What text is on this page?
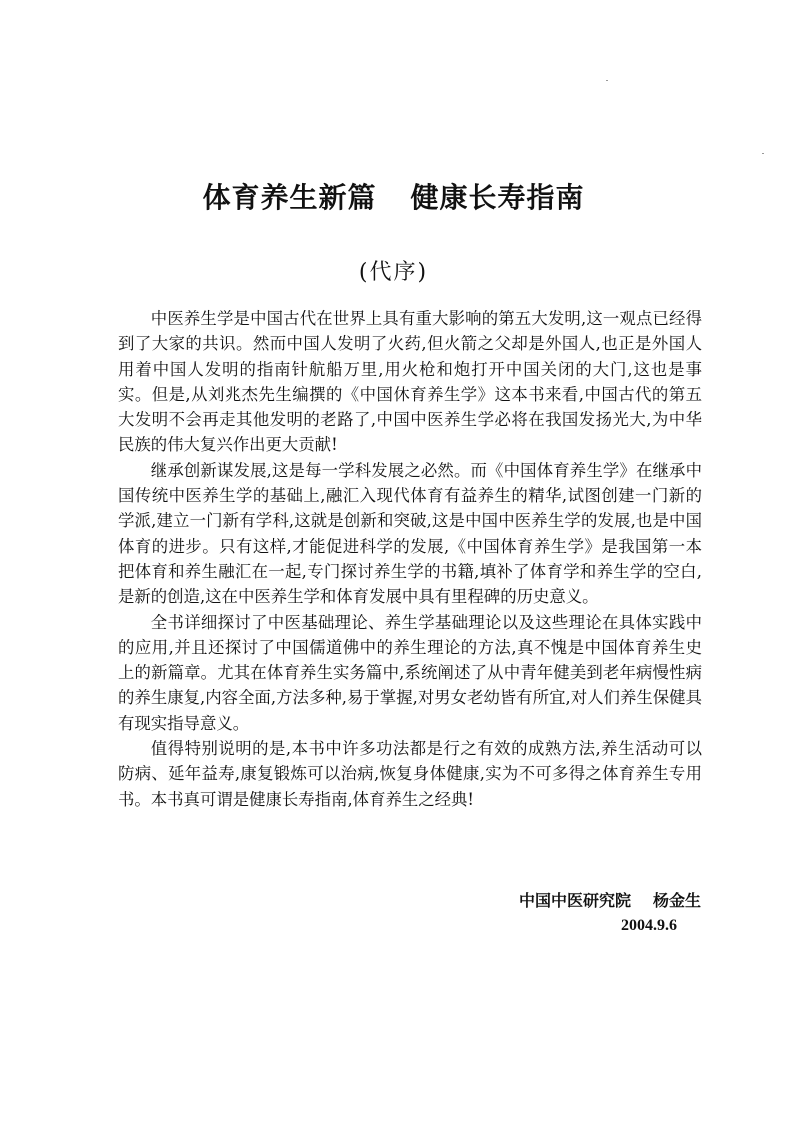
体育养生新篇 健康长寿指南
(代序)

中医养生学是中国古代在世界上具有重大影响的第五大发明,这一观点已经得到了大家的共识。然而中国人发明了火药,但火箭之父却是外国人,也正是外国人用着中国人发明的指南针航船万里,用火枪和炮打开中国关闭的大门,这也是事实。但是,从刘兆杰先生编撰的《中国休育养生学》这本书来看,中国古代的第五大发明不会再走其他发明的老路了,中国中医养生学必将在我国发扬光大,为中华民族的伟大复兴作出更大贡献!

继承创新谋发展,这是每一学科发展之必然。而《中国体育养生学》在继承中国传统中医养生学的基础上,融汇入现代体育有益养生的精华,试图创建一门新的学派,建立一门新有学科,这就是创新和突破,这是中国中医养生学的发展,也是中国体育的进步。只有这样,才能促进科学的发展,《中国体育养生学》是我国第一本把体育和养生融汇在一起,专门探讨养生学的书籍,填补了体育学和养生学的空白,是新的创造,这在中医养生学和体育发展中具有里程碑的历史意义。

全书详细探讨了中医基础理论、养生学基础理论以及这些理论在具体实践中的应用,并且还探讨了中国儒道佛中的养生理论的方法,真不愧是中国体育养生史上的新篇章。尤其在体育养生实务篇中,系统阐述了从中青年健美到老年病慢性病的养生康复,内容全面,方法多种,易于掌握,对男女老幼皆有所宜,对人们养生保健具有现实指导意义。

值得特别说明的是,本书中许多功法都是行之有效的成熟方法,养生活动可以防病、延年益寿,康复锻炼可以治病,恢复身体健康,实为不可多得之体育养生专用书。本书真可谓是健康长寿指南,体育养生之经典!

中国中医研究院 杨金生
2004.9.6
